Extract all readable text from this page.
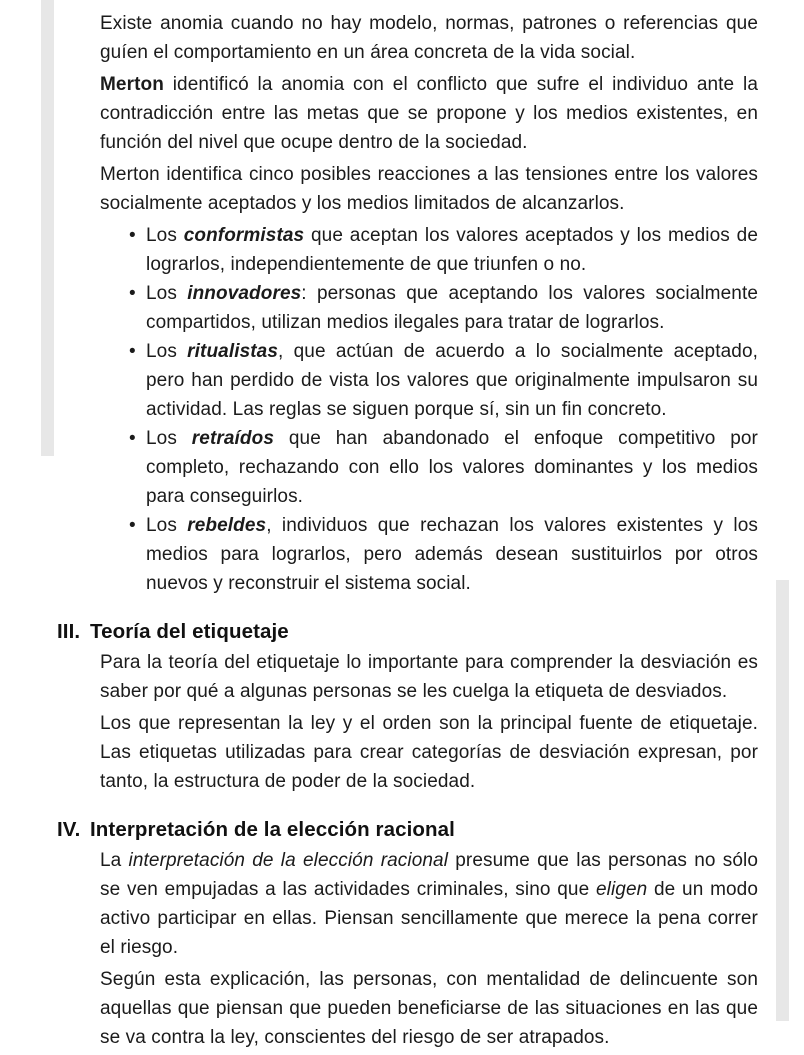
Existe anomia cuando no hay modelo, normas, patrones o referencias que guíen el comportamiento en un área concreta de la vida social.

Merton identificó la anomia con el conflicto que sufre el individuo ante la contradicción entre las metas que se propone y los medios existentes, en función del nivel que ocupe dentro de la sociedad.

Merton identifica cinco posibles reacciones a las tensiones entre los valores socialmente aceptados y los medios limitados de alcanzarlos.

• Los conformistas que aceptan los valores aceptados y los medios de lograrlos, independientemente de que triunfen o no.

• Los innovadores: personas que aceptando los valores socialmente compartidos, utilizan medios ilegales para tratar de lograrlos.

• Los ritualistas, que actúan de acuerdo a lo socialmente aceptado, pero han perdido de vista los valores que originalmente impulsaron su actividad. Las reglas se siguen porque sí, sin un fin concreto.

• Los retraídos que han abandonado el enfoque competitivo por completo, rechazando con ello los valores dominantes y los medios para conseguirlos.

• Los rebeldes, individuos que rechazan los valores existentes y los medios para lograrlos, pero además desean sustituirlos por otros nuevos y reconstruir el sistema social.

III. Teoría del etiquetaje

Para la teoría del etiquetaje lo importante para comprender la desviación es saber por qué a algunas personas se les cuelga la etiqueta de desviados.

Los que representan la ley y el orden son la principal fuente de etiquetaje. Las etiquetas utilizadas para crear categorías de desviación expresan, por tanto, la estructura de poder de la sociedad.

IV. Interpretación de la elección racional

La interpretación de la elección racional presume que las personas no sólo se ven empujadas a las actividades criminales, sino que eligen de un modo activo participar en ellas. Piensan sencillamente que merece la pena correr el riesgo.

Según esta explicación, las personas, con mentalidad de delincuente son aquellas que piensan que pueden beneficiarse de las situaciones en las que se va contra la ley, conscientes del riesgo de ser atrapados.
